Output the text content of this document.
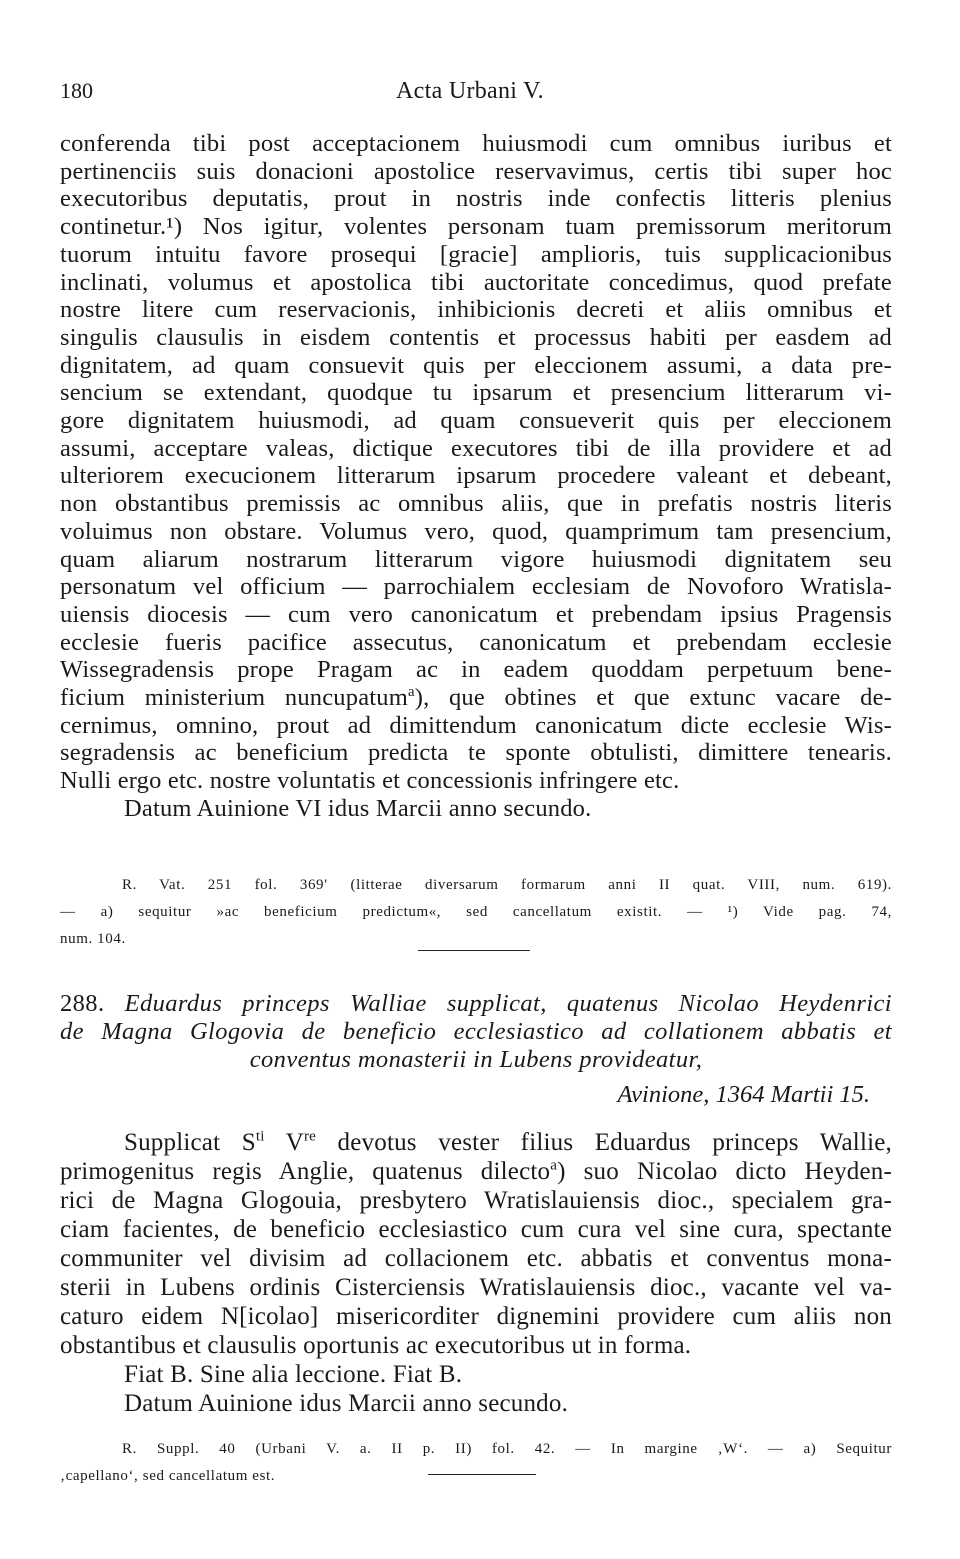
180	Acta Urbani V.
conferenda tibi post acceptacionem huiusmodi cum omnibus iuribus et
pertinenciis suis donacioni apostolice reservavimus, certis tibi super hoc
executoribus deputatis, prout in nostris inde confectis litteris plenius
continetur.¹) Nos igitur, volentes personam tuam premissorum meritorum
tuorum intuitu favore prosequi [gracie] amplioris, tuis supplicacionibus
inclinati, volumus et apostolica tibi auctoritate concedimus, quod prefate
nostre litere cum reservacionis, inhibicionis decreti et aliis omnibus et
singulis clausulis in eisdem contentis et processus habiti per easdem ad
dignitatem, ad quam consuevit quis per eleccionem assumi, a data pre-
sencium se extendant, quodque tu ipsarum et presencium litterarum vi-
gore dignitatem huiusmodi, ad quam consueverit quis per eleccionem
assumi, acceptare valeas, dictique executores tibi de illa providere et ad
ulteriorem execucionem litterarum ipsarum procedere valeant et debeant,
non obstantibus premissis ac omnibus aliis, que in prefatis nostris literis
voluimus non obstare. Volumus vero, quod, quamprimum tam presencium,
quam aliarum nostrarum litterarum vigore huiusmodi dignitatem seu
personatum vel officium — parrochialem ecclesiam de Novoforo Wratisla-
uiensis diocesis — cum vero canonicatum et prebendam ipsius Pragensis
ecclesie fueris pacifice assecutus, canonicatum et prebendam ecclesie
Wissegradensis prope Pragam ac in eadem quoddam perpetuum bene-
ficium ministerium nuncupatum$^a$), que obtines et que extunc vacare de-
cernimus, omnino, prout ad dimittendum canonicatum dicte ecclesie Wis-
segradensis ac beneficium predicta te sponte obtulisti, dimittere tenearis.
Nulli ergo etc. nostre voluntatis et concessionis infringere etc.
Datum Auinione VI idus Marcii anno secundo.
R. Vat. 251 fol. 369′ (litterae diversarum formarum anni II quat. VIII, num. 619).
— a) sequitur »ac beneficium predictum«, sed cancellatum existit. — ¹) Vide pag. 74,
num. 104.
288. Eduardus princeps Walliae supplicat, quatenus Nicolao Heydenrici
de Magna Glogovia de beneficio ecclesiastico ad collationem abbatis et
conventus monasterii in Lubens provideatur,
Avinione, 1364 Martii 15.
Supplicat $S^{ti}$ Vre devotus vester filius Eduardus princeps Wallie,
primogenitus regis Anglie, quatenus dilecto$^a$) suo Nicolao dicto Heyden-
rici de Magna Glogouia, presbytero Wratislauiensis dioc., specialem gra-
ciam facientes, de beneficio ecclesiastico cum cura vel sine cura, spectante
communiter vel divisim ad collacionem etc. abbatis et conventus mona-
sterii in Lubens ordinis Cisterciensis Wratislauiensis dioc., vacante vel va-
caturo eidem N[icolao] misericorditer dignemini providere cum aliis non
obstantibus et clausulis oportunis ac executoribus ut in forma.
Fiat B. Sine alia leccione. Fiat B.
Datum Auinione idus Marcii anno secundo.
R. Suppl. 40 (Urbani V. a. II p. II) fol. 42. — In margine ‚W‘. — a) Sequitur
‚capellano‘, sed cancellatum est.
